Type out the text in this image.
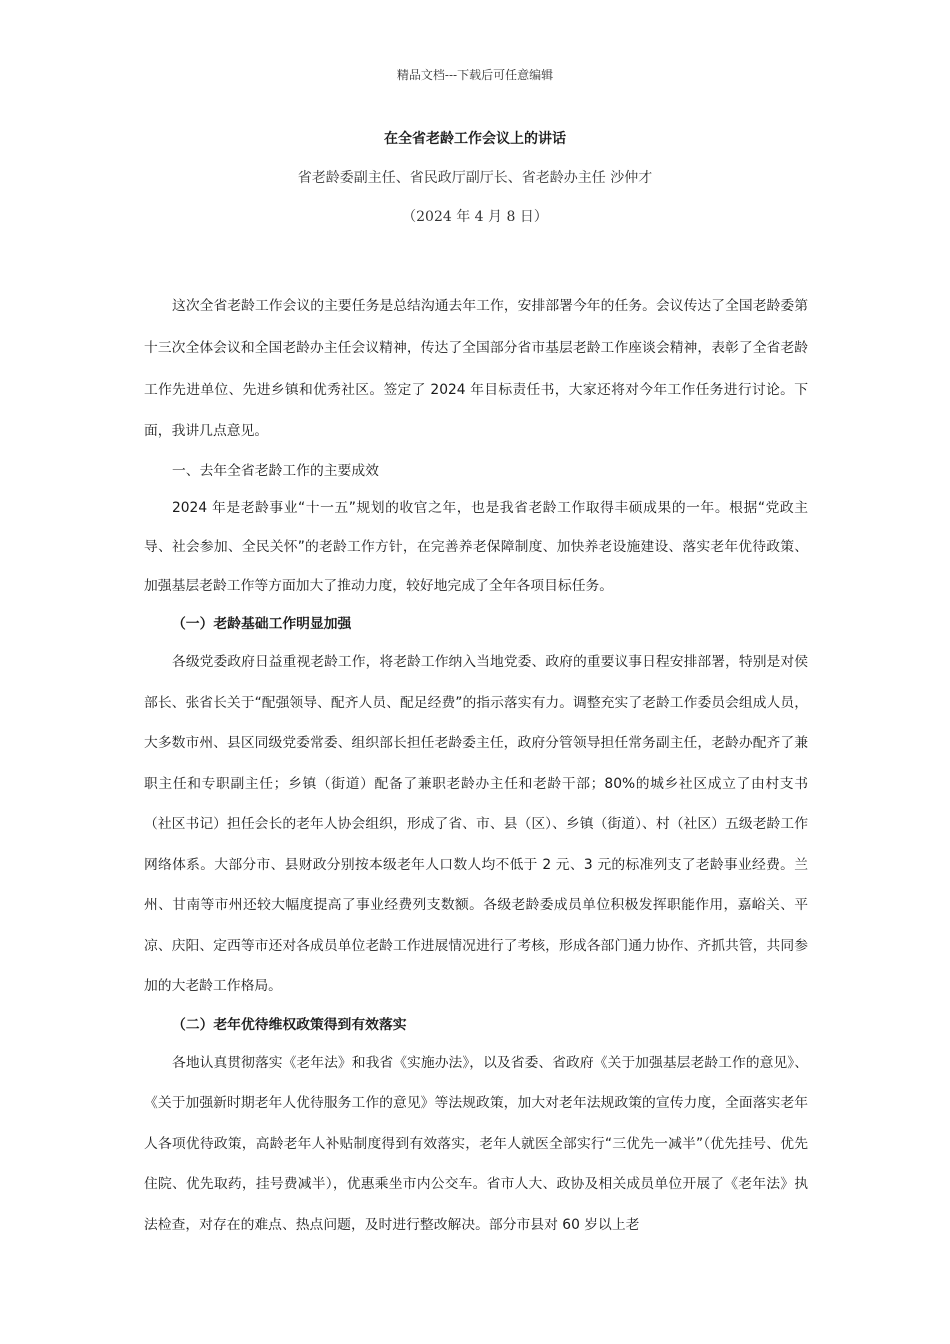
精品文档---下载后可任意编辑
在全省老龄工作会议上的讲话
省老龄委副主任、省民政厅副厅长、省老龄办主任 沙仲才
（2024 年 4 月 8 日）

这次全省老龄工作会议的主要任务是总结沟通去年工作，安排部署今年的任务。会议传达了全国老龄委第十三次全体会议和全国老龄办主任会议精神，传达了全国部分省市基层老龄工作座谈会精神，表彰了全省老龄工作先进单位、先进乡镇和优秀社区。签定了 2024 年目标责任书，大家还将对今年工作任务进行讨论。下面，我讲几点意见。

一、去年全省老龄工作的主要成效

2024 年是老龄事业“十一五”规划的收官之年，也是我省老龄工作取得丰硕成果的一年。根据“党政主导、社会参加、全民关怀”的老龄工作方针，在完善养老保障制度、加快养老设施建设、落实老年优待政策、加强基层老龄工作等方面加大了推动力度，较好地完成了全年各项目标任务。

（一）老龄基础工作明显加强

各级党委政府日益重视老龄工作，将老龄工作纳入当地党委、政府的重要议事日程安排部署，特别是对侯部长、张省长关于“配强领导、配齐人员、配足经费”的指示落实有力。调整充实了老龄工作委员会组成人员，大多数市州、县区同级党委常委、组织部长担任老龄委主任，政府分管领导担任常务副主任，老龄办配齐了兼职主任和专职副主任；乡镇（街道）配备了兼职老龄办主任和老龄干部；80%的城乡社区成立了由村支书（社区书记）担任会长的老年人协会组织，形成了省、市、县（区）、乡镇（街道）、村（社区）五级老龄工作网络体系。大部分市、县财政分别按本级老年人口数人均不低于 2 元、3 元的标准列支了老龄事业经费。兰州、甘南等市州还较大幅度提高了事业经费列支数额。各级老龄委成员单位积极发挥职能作用，嘉峪关、平凉、庆阳、定西等市还对各成员单位老龄工作进展情况进行了考核，形成各部门通力协作、齐抓共管，共同参加的大老龄工作格局。

（二）老年优待维权政策得到有效落实

各地认真贯彻落实《老年法》和我省《实施办法》，以及省委、省政府《关于加强基层老龄工作的意见》、《关于加强新时期老年人优待服务工作的意见》等法规政策，加大对老年法规政策的宣传力度，全面落实老年人各项优待政策，高龄老年人补贴制度得到有效落实，老年人就医全部实行“三优先一减半”（优先挂号、优先住院、优先取药，挂号费减半），优惠乘坐市内公交车。省市人大、政协及相关成员单位开展了《老年法》执法检查，对存在的难点、热点问题，及时进行整改解决。部分市县对 60 岁以上老
